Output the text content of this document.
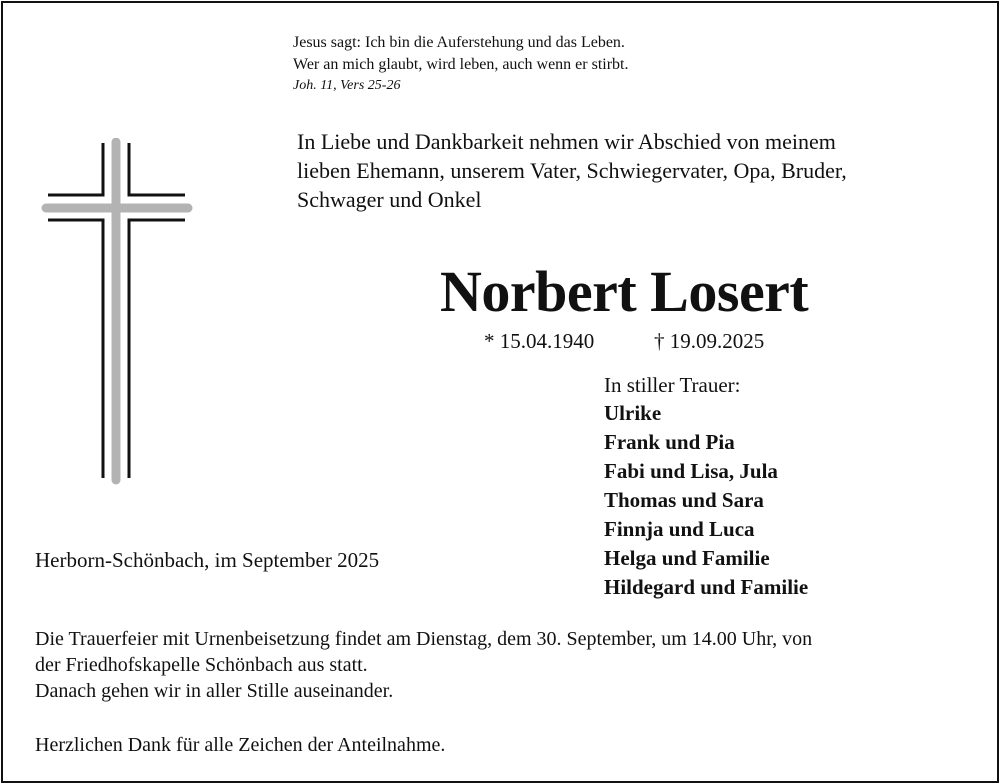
Jesus sagt: Ich bin die Auferstehung und das Leben.
Wer an mich glaubt, wird leben, auch wenn er stirbt.
Joh. 11, Vers 25-26
In Liebe und Dankbarkeit nehmen wir Abschied von meinem
lieben Ehemann, unserem Vater, Schwiegervater, Opa, Bruder,
Schwager und Onkel
Norbert Losert
* 15.04.1940	† 19.09.2025
In stiller Trauer:
Ulrike
Frank und Pia
Fabi und Lisa, Jula
Thomas und Sara
Finnja und Luca
Helga und Familie
Hildegard und Familie
Herborn-Schönbach, im September 2025
Die Trauerfeier mit Urnenbeisetzung findet am Dienstag, dem 30. September, um 14.00 Uhr, von
der Friedhofskapelle Schönbach aus statt.
Danach gehen wir in aller Stille auseinander.
Herzlichen Dank für alle Zeichen der Anteilnahme.
